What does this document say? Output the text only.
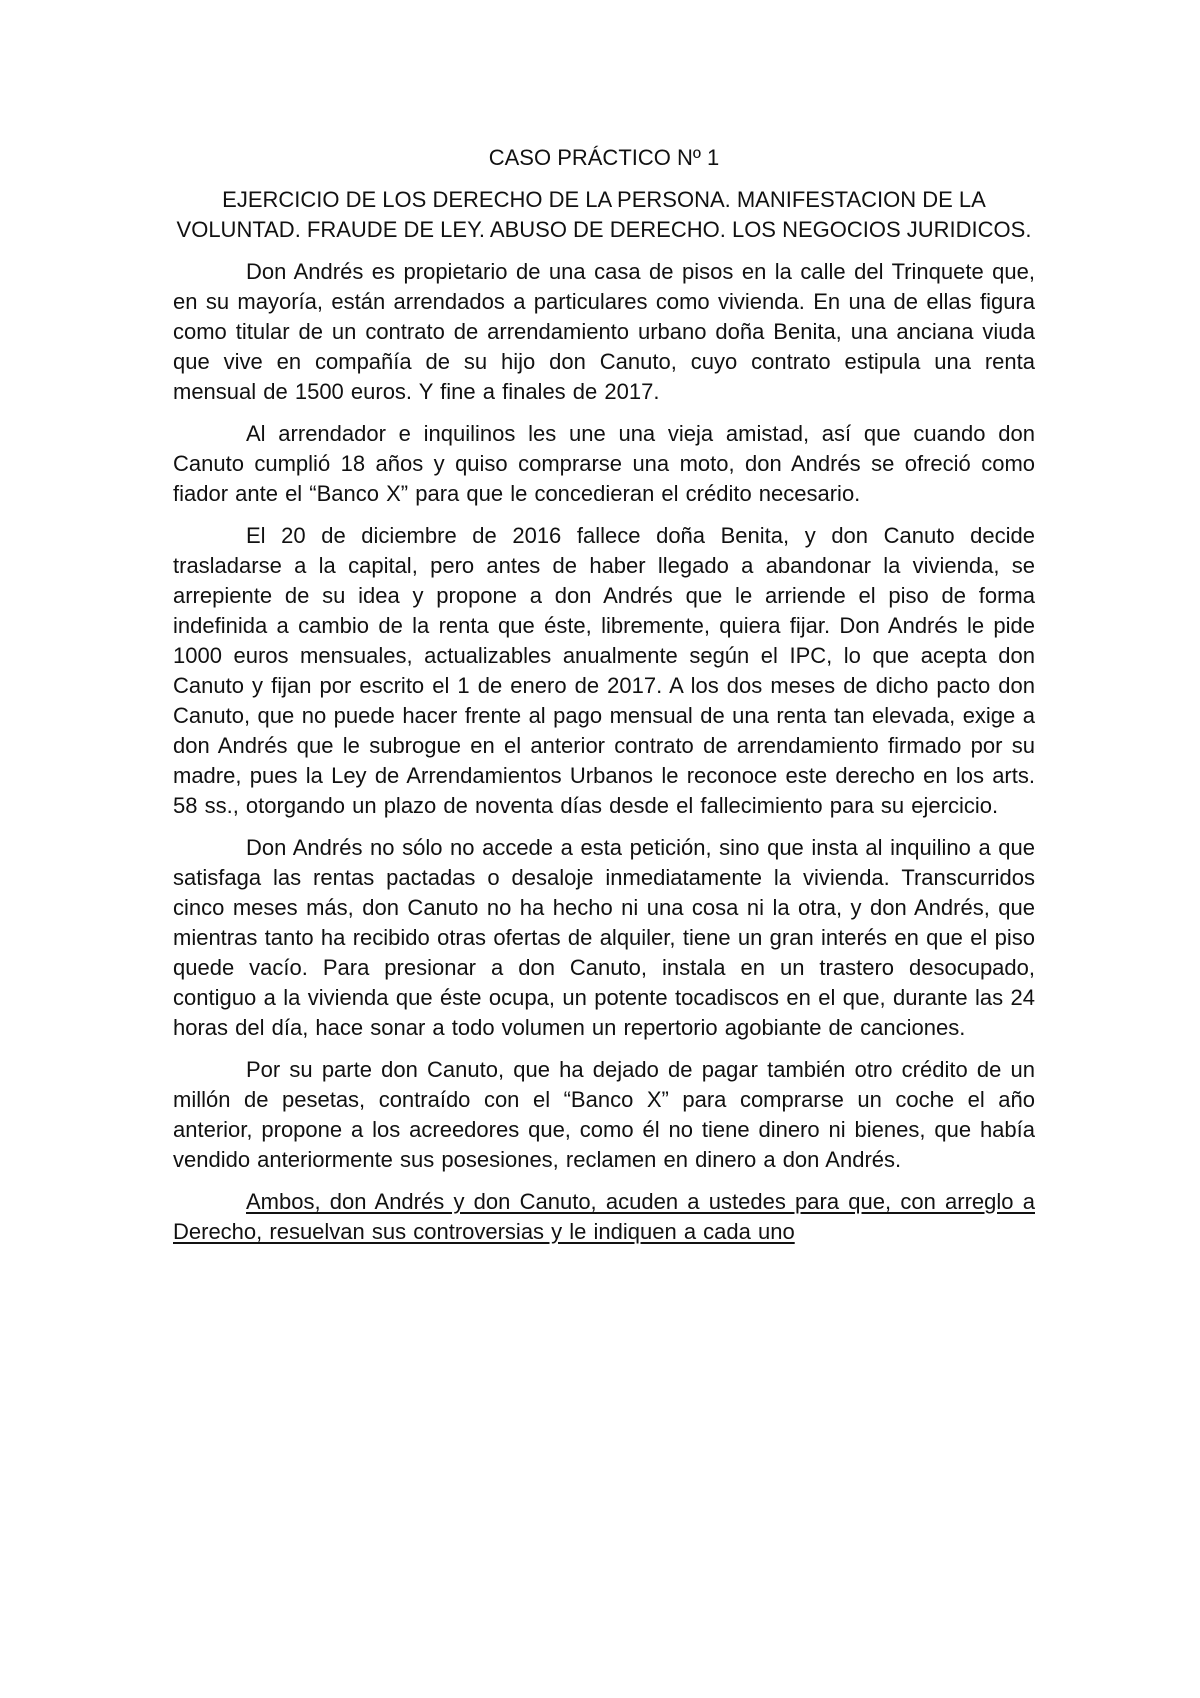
CASO PRÁCTICO Nº 1

EJERCICIO DE LOS DERECHO DE LA PERSONA. MANIFESTACION DE LA VOLUNTAD. FRAUDE DE LEY. ABUSO DE DERECHO. LOS NEGOCIOS JURIDICOS.

Don Andrés es propietario de una casa de pisos en la calle del Trinquete que, en su mayoría, están arrendados a particulares como vivienda. En una de ellas figura como titular de un contrato de arrendamiento urbano doña Benita, una anciana viuda que vive en compañía de su hijo don Canuto, cuyo contrato estipula una renta mensual de 1500 euros. Y fine a finales de 2017.

Al arrendador e inquilinos les une una vieja amistad, así que cuando don Canuto cumplió 18 años y quiso comprarse una moto, don Andrés se ofreció como fiador ante el “Banco X” para que le concedieran el crédito necesario.

El 20 de diciembre de 2016 fallece doña Benita, y don Canuto decide trasladarse a la capital, pero antes de haber llegado a abandonar la vivienda, se arrepiente de su idea y propone a don Andrés que le arriende el piso de forma indefinida a cambio de la renta que éste, libremente, quiera fijar. Don Andrés le pide 1000 euros mensuales, actualizables anualmente según el IPC, lo que acepta don Canuto y fijan por escrito el 1 de enero de 2017. A los dos meses de dicho pacto don Canuto, que no puede hacer frente al pago mensual de una renta tan elevada, exige a don Andrés que le subrogue en el anterior contrato de arrendamiento firmado por su madre, pues la Ley de Arrendamientos Urbanos le reconoce este derecho en los arts. 58 ss., otorgando un plazo de noventa días desde el fallecimiento para su ejercicio.

Don Andrés no sólo no accede a esta petición, sino que insta al inquilino a que satisfaga las rentas pactadas o desaloje inmediatamente la vivienda. Transcurridos cinco meses más, don Canuto no ha hecho ni una cosa ni la otra, y don Andrés, que mientras tanto ha recibido otras ofertas de alquiler, tiene un gran interés en que el piso quede vacío. Para presionar a don Canuto, instala en un trastero desocupado, contiguo a la vivienda que éste ocupa, un potente tocadiscos en el que, durante las 24 horas del día, hace sonar a todo volumen un repertorio agobiante de canciones.

Por su parte don Canuto, que ha dejado de pagar también otro crédito de un millón de pesetas, contraído con el “Banco X” para comprarse un coche el año anterior, propone a los acreedores que, como él no tiene dinero ni bienes, que había vendido anteriormente sus posesiones, reclamen en dinero a don Andrés.

Ambos, don Andrés y don Canuto, acuden a ustedes para que, con arreglo a Derecho, resuelvan sus controversias y le indiquen a cada uno
